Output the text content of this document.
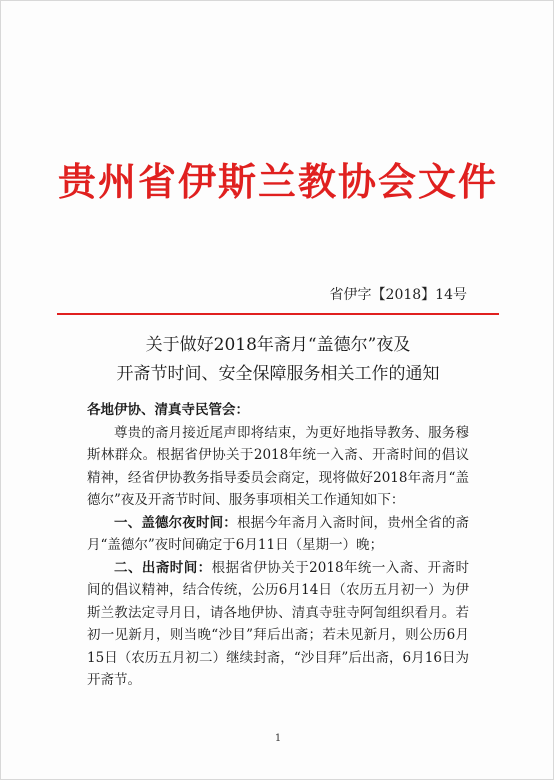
贵州省伊斯兰教协会文件
省伊字【2018】14号
关于做好2018年斋月“盖德尔”夜及
开斋节时间、安全保障服务相关工作的通知
各地伊协、清真寺民管会：
尊贵的斋月接近尾声即将结束，为更好地指导教务、服务穆斯林群众。根据省伊协关于2018年统一入斋、开斋时间的倡议精神，经省伊协教务指导委员会商定，现将做好2018年斋月“盖德尔”夜及开斋节时间、服务事项相关工作通知如下：
一、盖德尔夜时间：根据今年斋月入斋时间，贵州全省的斋月“盖德尔”夜时间确定于6月11日（星期一）晚；
二、出斋时间：根据省伊协关于2018年统一入斋、开斋时间的倡议精神，结合传统，公历6月14日（农历五月初一）为伊斯兰教法定寻月日，请各地伊协、清真寺驻寺阿訇组织看月。若初一见新月，则当晚“沙目”拜后出斋；若未见新月，则公历6月15日（农历五月初二）继续封斋，“沙目拜”后出斋，6月16日为开斋节。
1
